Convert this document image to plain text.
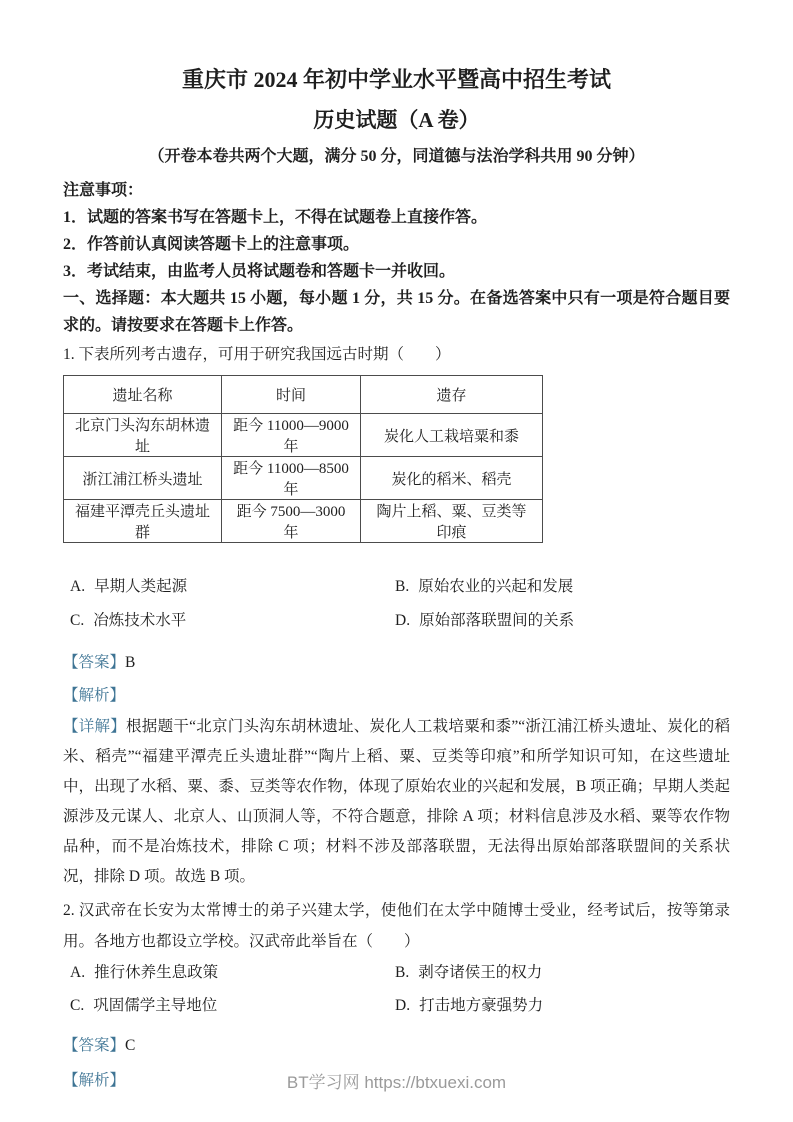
重庆市 2024 年初中学业水平暨高中招生考试
历史试题（A 卷）

（开卷本卷共两个大题，满分 50 分，同道德与法治学科共用 90 分钟）

注意事项：

1．试题的答案书写在答题卡上，不得在试题卷上直接作答。

2．作答前认真阅读答题卡上的注意事项。

3．考试结束，由监考人员将试题卷和答题卡一并收回。

一、选择题：本大题共 15 小题，每小题 1 分，共 15 分。在备选答案中只有一项是符合题目要求的。请按要求在答题卡上作答。

1. 下表所列考古遗存，可用于研究我国远古时期（　　）

遗址名称	时间	遗存
北京门头沟东胡林遗址	距今 11000—9000 年	炭化人工栽培粟和黍
浙江浦江桥头遗址	距今 11000—8500 年	炭化的稻米、稻壳
福建平潭壳丘头遗址群	距今 7500—3000 年	陶片上稻、粟、豆类等印痕
A. 早期人类起源	B. 原始农业的兴起和发展
C. 冶炼技术水平	D. 原始部落联盟间的关系

【答案】B

【解析】

【详解】根据题干“北京门头沟东胡林遗址、炭化人工栽培粟和黍”“浙江浦江桥头遗址、炭化的稻米、稻壳”“福建平潭壳丘头遗址群”“陶片上稻、粟、豆类等印痕”和所学知识可知，在这些遗址中，出现了水稻、粟、黍、豆类等农作物，体现了原始农业的兴起和发展，B 项正确；早期人类起源涉及元谋人、北京人、山顶洞人等，不符合题意，排除 A 项；材料信息涉及水稻、粟等农作物品种，而不是冶炼技术，排除 C 项；材料不涉及部落联盟，无法得出原始部落联盟间的关系状况，排除 D 项。故选 B 项。

2. 汉武帝在长安为太常博士的弟子兴建太学，使他们在太学中随博士受业，经考试后，按等第录用。各地方也都设立学校。汉武帝此举旨在（　　）

A. 推行休养生息政策	B. 剥夺诸侯王的权力
C. 巩固儒学主导地位	D. 打击地方豪强势力

【答案】C

【解析】	BT学习网 https://btxuexi.com
